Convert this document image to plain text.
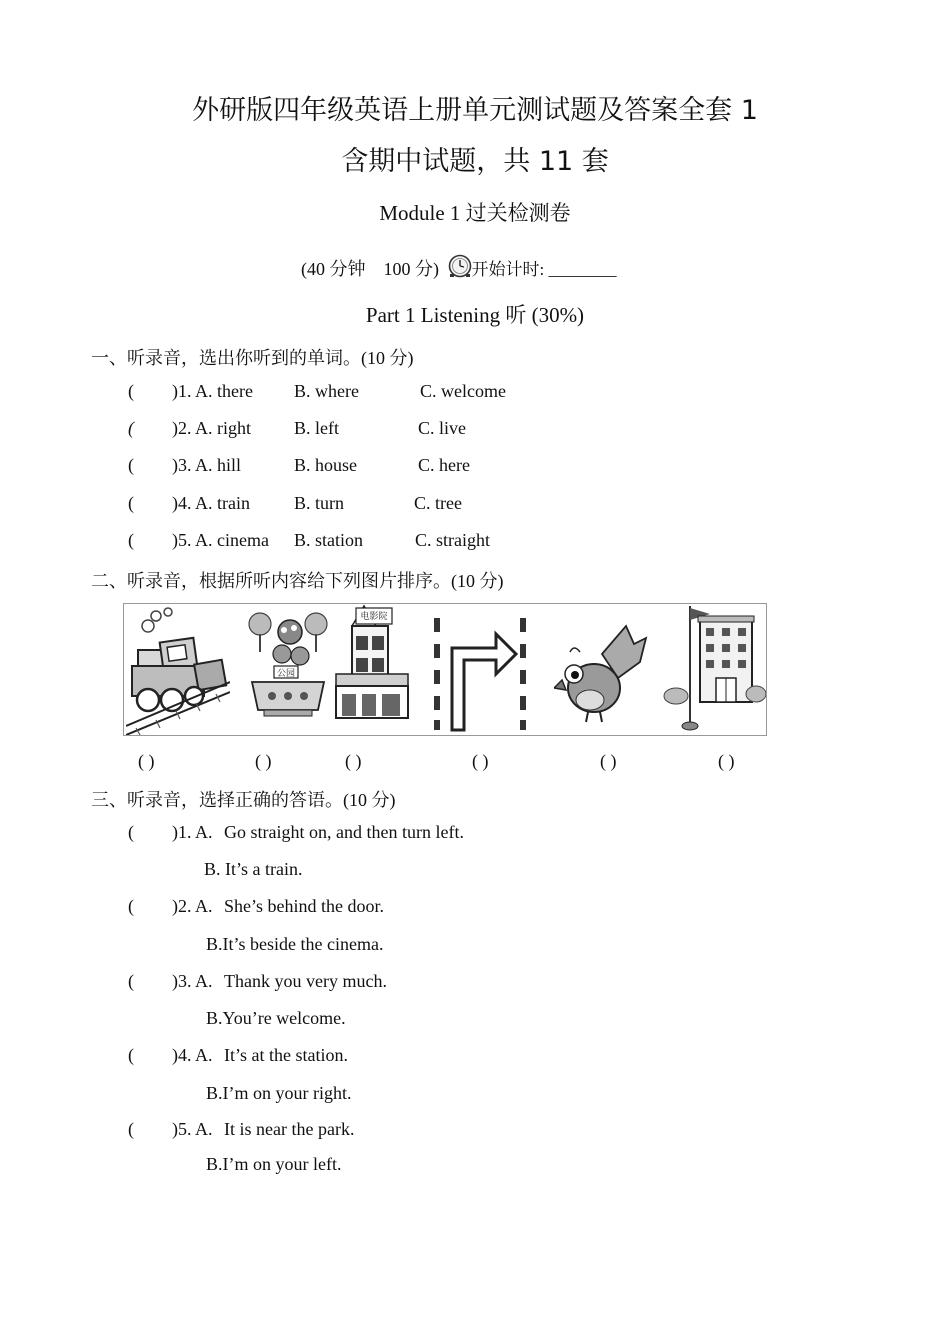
外研版四年级英语上册单元测试题及答案全套 1
含期中试题，共 11 套
Module 1 过关检测卷
(40 分钟 100 分) 开始计时: ________
Part 1 Listening 听 (30%)
一、听录音，选出你听到的单词。(10 分)
( )1. A. there B. where	C. welcome
( )2. A. right B. left	C. live
( )3. A. hill	B. house	C. here
( )4. A. train B. turn	C. tree
( )5. A. cinema B. station	C. straight
二、听录音，根据所听内容给下列图片排序。(10 分)
公园
电影院
( )	( )	( )	( )	( )	( )
三、听录音，选择正确的答语。(10 分)
( )1. A. Go straight on, and then turn left.
B. It’s a train.
( )2. A. She’s behind the door.
B.It’s beside the cinema.
( )3. A. Thank you very much.
B.You’re welcome.
( )4. A. It’s at the station.
B.I’m on your right.
( )5. A. It is near the park.
B.I’m on your left.
